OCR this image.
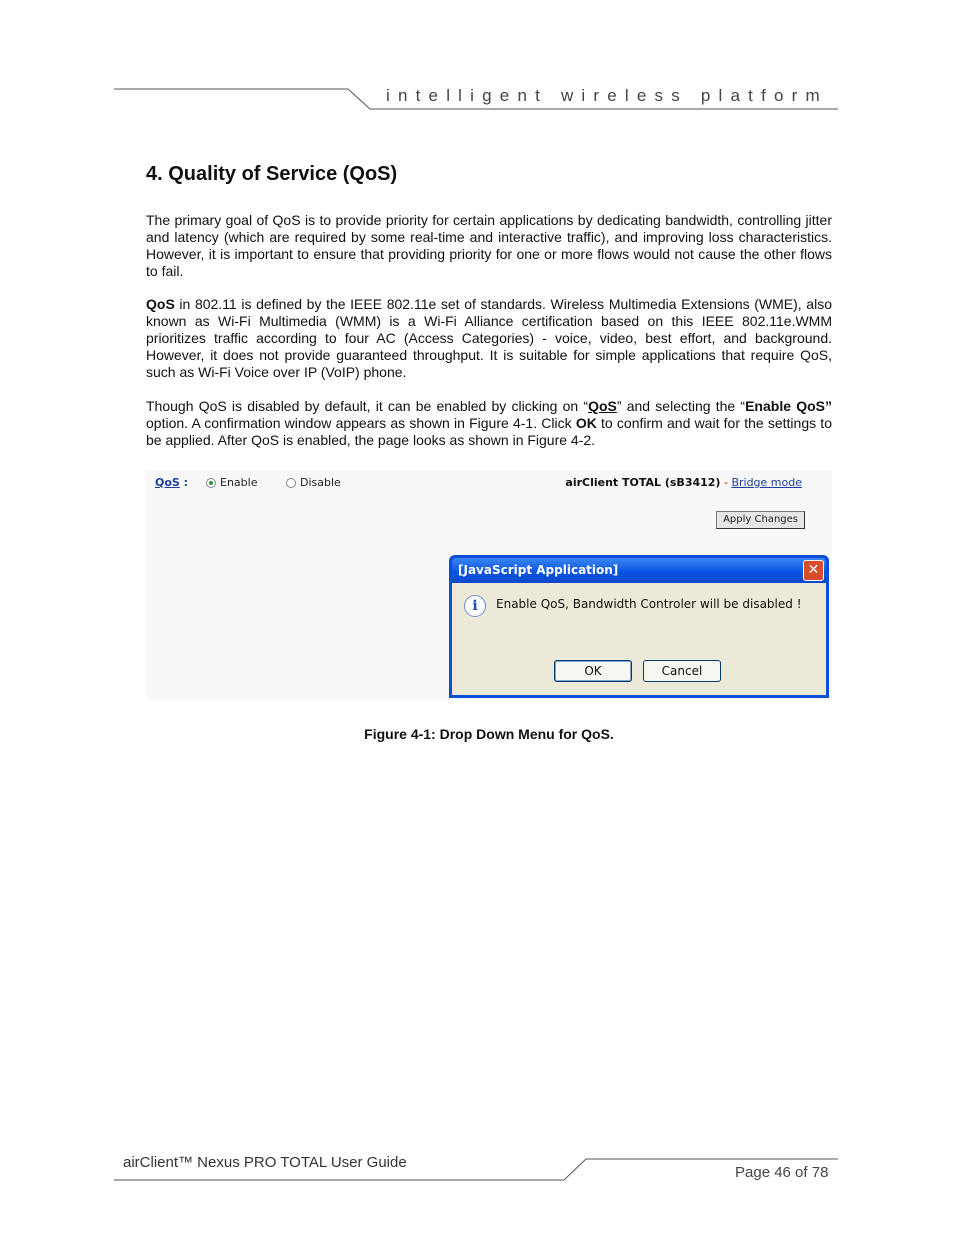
intelligent wireless platform
4. Quality of Service (QoS)

The primary goal of QoS is to provide priority for certain applications by dedicating bandwidth, controlling jitter and latency (which are required by some real-time and interactive traffic), and improving loss characteristics. However, it is important to ensure that providing priority for one or more flows would not cause the other flows to fail.

QoS in 802.11 is defined by the IEEE 802.11e set of standards. Wireless Multimedia Extensions (WME), also known as Wi-Fi Multimedia (WMM) is a Wi-Fi Alliance certification based on this IEEE 802.11e.WMM prioritizes traffic according to four AC (Access Categories) - voice, video, best effort, and background. However, it does not provide guaranteed throughput. It is suitable for simple applications that require QoS, such as Wi-Fi Voice over IP (VoIP) phone.

Though QoS is disabled by default, it can be enabled by clicking on “QoS” and selecting the “Enable QoS” option. A confirmation window appears as shown in Figure 4-1. Click OK to confirm and wait for the settings to be applied. After QoS is enabled, the page looks as shown in Figure 4-2.

QoS :	Enable	Disable	airClient TOTAL (sB3412) - Bridge mode
Apply Changes
[JavaScript Application]	✕
i	Enable QoS, Bandwidth Controler will be disabled !
OK	Cancel
Figure 4-1: Drop Down Menu for QoS.
airClient™ Nexus PRO TOTAL User Guide
Page 46 of 78
